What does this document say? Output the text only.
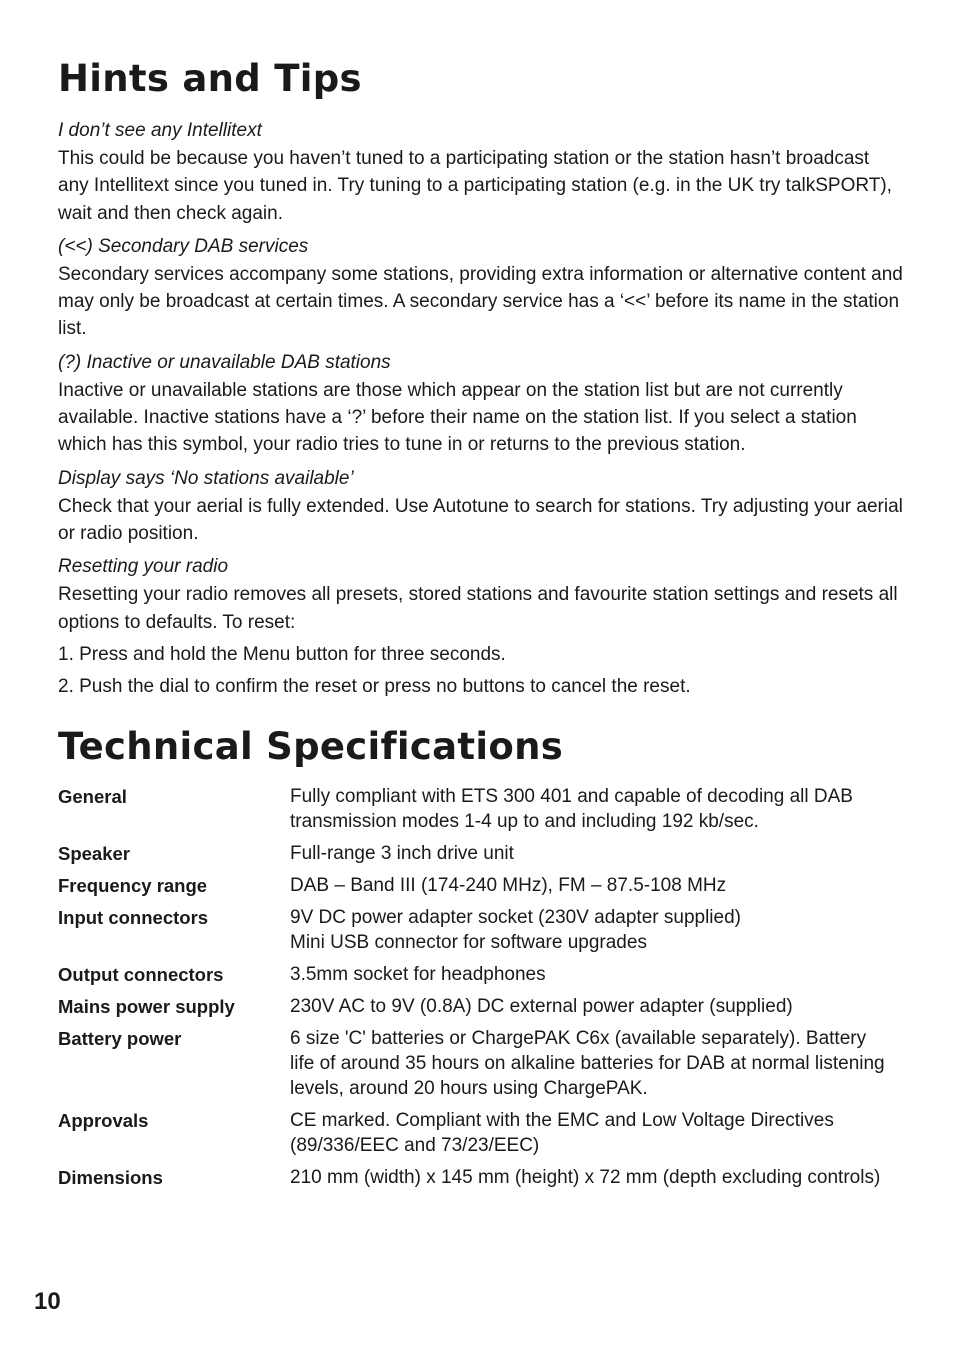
Hints and Tips
I don’t see any Intellitext
This could be because you haven’t tuned to a participating station or the station hasn’t broadcast any Intellitext since you tuned in. Try tuning to a participating station (e.g. in the UK try talkSPORT), wait and then check again.
(<<) Secondary DAB services
Secondary services accompany some stations, providing extra information or alternative content and may only be broadcast at certain times. A secondary service has a ‘<<’ before its name in the station list.
(?) Inactive or unavailable DAB stations
Inactive or unavailable stations are those which appear on the station list but are not currently available. Inactive stations have a ‘?’ before their name on the station list. If you select a station which has this symbol, your radio tries to tune in or returns to the previous station.
Display says ‘No stations available’
Check that your aerial is fully extended. Use Autotune to search for stations. Try adjusting your aerial or radio position.
Resetting your radio
Resetting your radio removes all presets, stored stations and favourite station settings and resets all options to defaults. To reset:
1. Press and hold the Menu button for three seconds.
2. Push the dial to confirm the reset or press no buttons to cancel the reset.
Technical Specifications
General	Fully compliant with ETS 300 401 and capable of decoding all DAB
transmission modes 1-4 up to and including 192 kb/sec.
Speaker	Full-range 3 inch drive unit
Frequency range	DAB – Band III (174-240 MHz), FM – 87.5-108 MHz
Input connectors	9V DC power adapter socket (230V adapter supplied)
Mini USB connector for software upgrades
Output connectors	3.5mm socket for headphones
Mains power supply	230V AC to 9V (0.8A) DC external power adapter (supplied)
Battery power	6 size 'C' batteries or ChargePAK C6x (available separately). Battery
life of around 35 hours on alkaline batteries for DAB at normal listening
levels, around 20 hours using ChargePAK.
Approvals	CE marked. Compliant with the EMC and Low Voltage Directives
(89/336/EEC and 73/23/EEC)
Dimensions	210 mm (width) x 145 mm (height) x 72 mm (depth excluding controls)
10
